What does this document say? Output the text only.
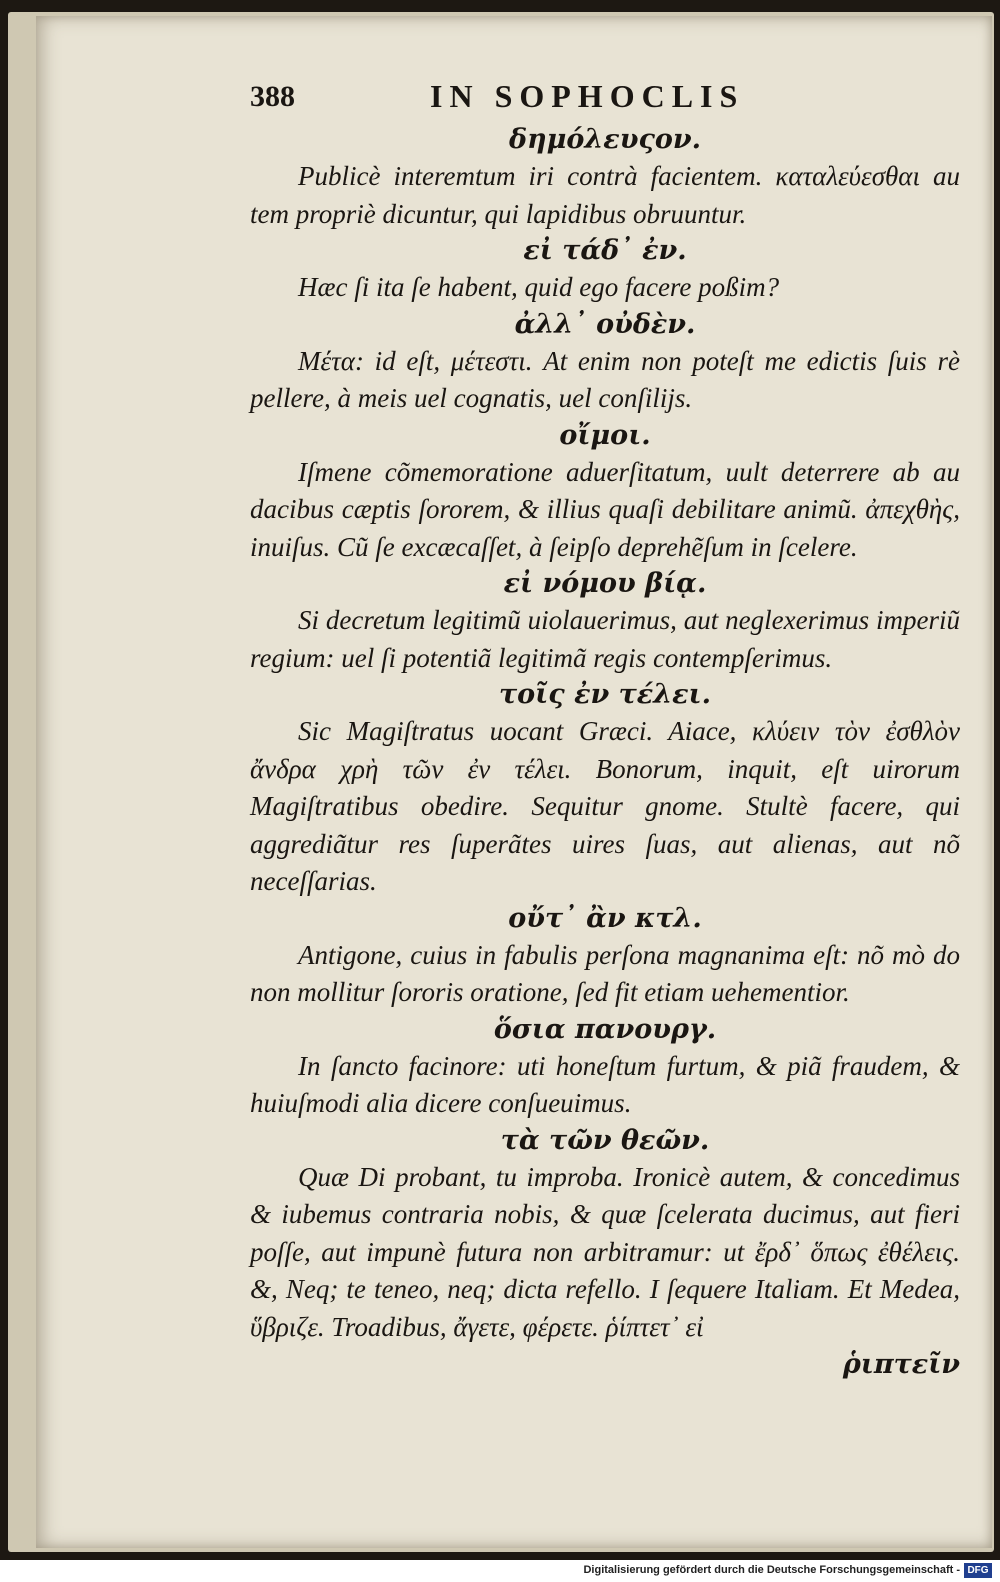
388	IN SOPHOCLIS

δημόλευςον.

Publicè interemtum iri contrà facientem. καταλεύεσθαι au tem propriè dicuntur, qui lapidibus obruuntur.

εἰ τάδ᾽ ἐν.

Hæc ſi ita ſe habent, quid ego facere poßim?

ἀλλ᾽ οὐδὲν.

Μέτα: id eſt, μέτεστι. At enim non poteſt me edictis ſuis rè pellere, à meis uel cognatis, uel conſilijs.

οἴμοι.

Iſmene cõmemoratione aduerſitatum, uult deterrere ab au dacibus cæptis ſororem, & illius quaſi debilitare animũ. ἀπεχθὴς, inuiſus. Cũ ſe excæcaſſet, à ſeipſo deprehẽſum in ſcelere.

εἰ νόμου βίᾳ.

Si decretum legitimũ uiolauerimus, aut neglexerimus imperiũ regium: uel ſi potentiã legitimã regis contempſerimus.

τοῖς ἐν τέλει.

Sic Magiſtratus uocant Græci. Aiace, κλύειν τὸν ἐσθλὸν ἄνδρα χρὴ τῶν ἐν τέλει. Bonorum, inquit, eſt uirorum Magiſtratibus obedire. Sequitur gnome. Stultè facere, qui aggrediãtur res ſuperãtes uires ſuas, aut alienas, aut nõ neceſſarias.

οὔτ᾽ ἂν κτλ.

Antigone, cuius in fabulis perſona magnanima eſt: nõ mò do non mollitur ſororis oratione, ſed fit etiam uehementior.

ὅσια πανουργ.

In ſancto facinore: uti honeſtum furtum, & piã fraudem, & huiuſmodi alia dicere conſueuimus.

τὰ τῶν θεῶν.

Quæ Di probant, tu improba. Ironicè autem, & concedimus & iubemus contraria nobis, & quæ ſcelerata ducimus, aut fieri poſſe, aut impunè futura non arbitramur: ut ἔρδ᾽ ὅπως ἐθέλεις. &, Neq; te teneo, neq; dicta refello. I ſequere Italiam. Et Medea, ὕβριζε. Troadibus, ἄγετε, φέρετε. ῥίπτετ᾽ εἰ

ῥιπτεῖν

Digitalisierung gefördert durch die Deutsche Forschungsgemeinschaft - DFG
